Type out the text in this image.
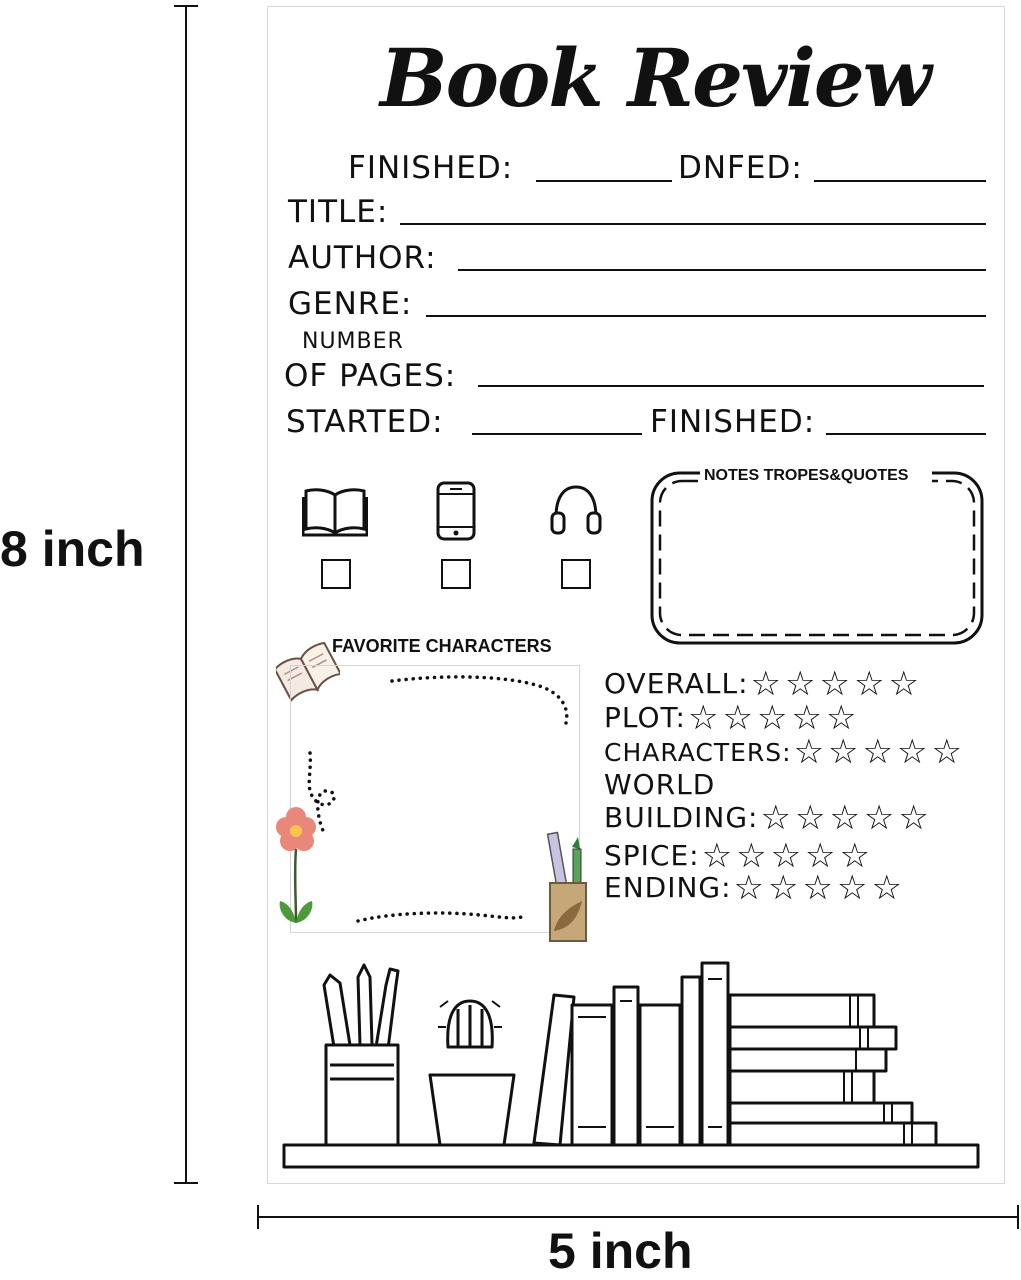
8 inch
5 inch
Book Review
FINISHED:	DNFED:
TITLE:
AUTHOR:
GENRE:
NUMBER
OF PAGES:
STARTED:	FINISHED:
NOTES TROPES&QUOTES
FAVORITE CHARACTERS
OVERALL: ☆ ☆ ☆ ☆ ☆
PLOT: ☆ ☆ ☆ ☆ ☆
CHARACTERS: ☆ ☆ ☆ ☆ ☆
WORLD
BUILDING: ☆ ☆ ☆ ☆ ☆
SPICE: ☆ ☆ ☆ ☆ ☆
ENDING: ☆ ☆ ☆ ☆ ☆
